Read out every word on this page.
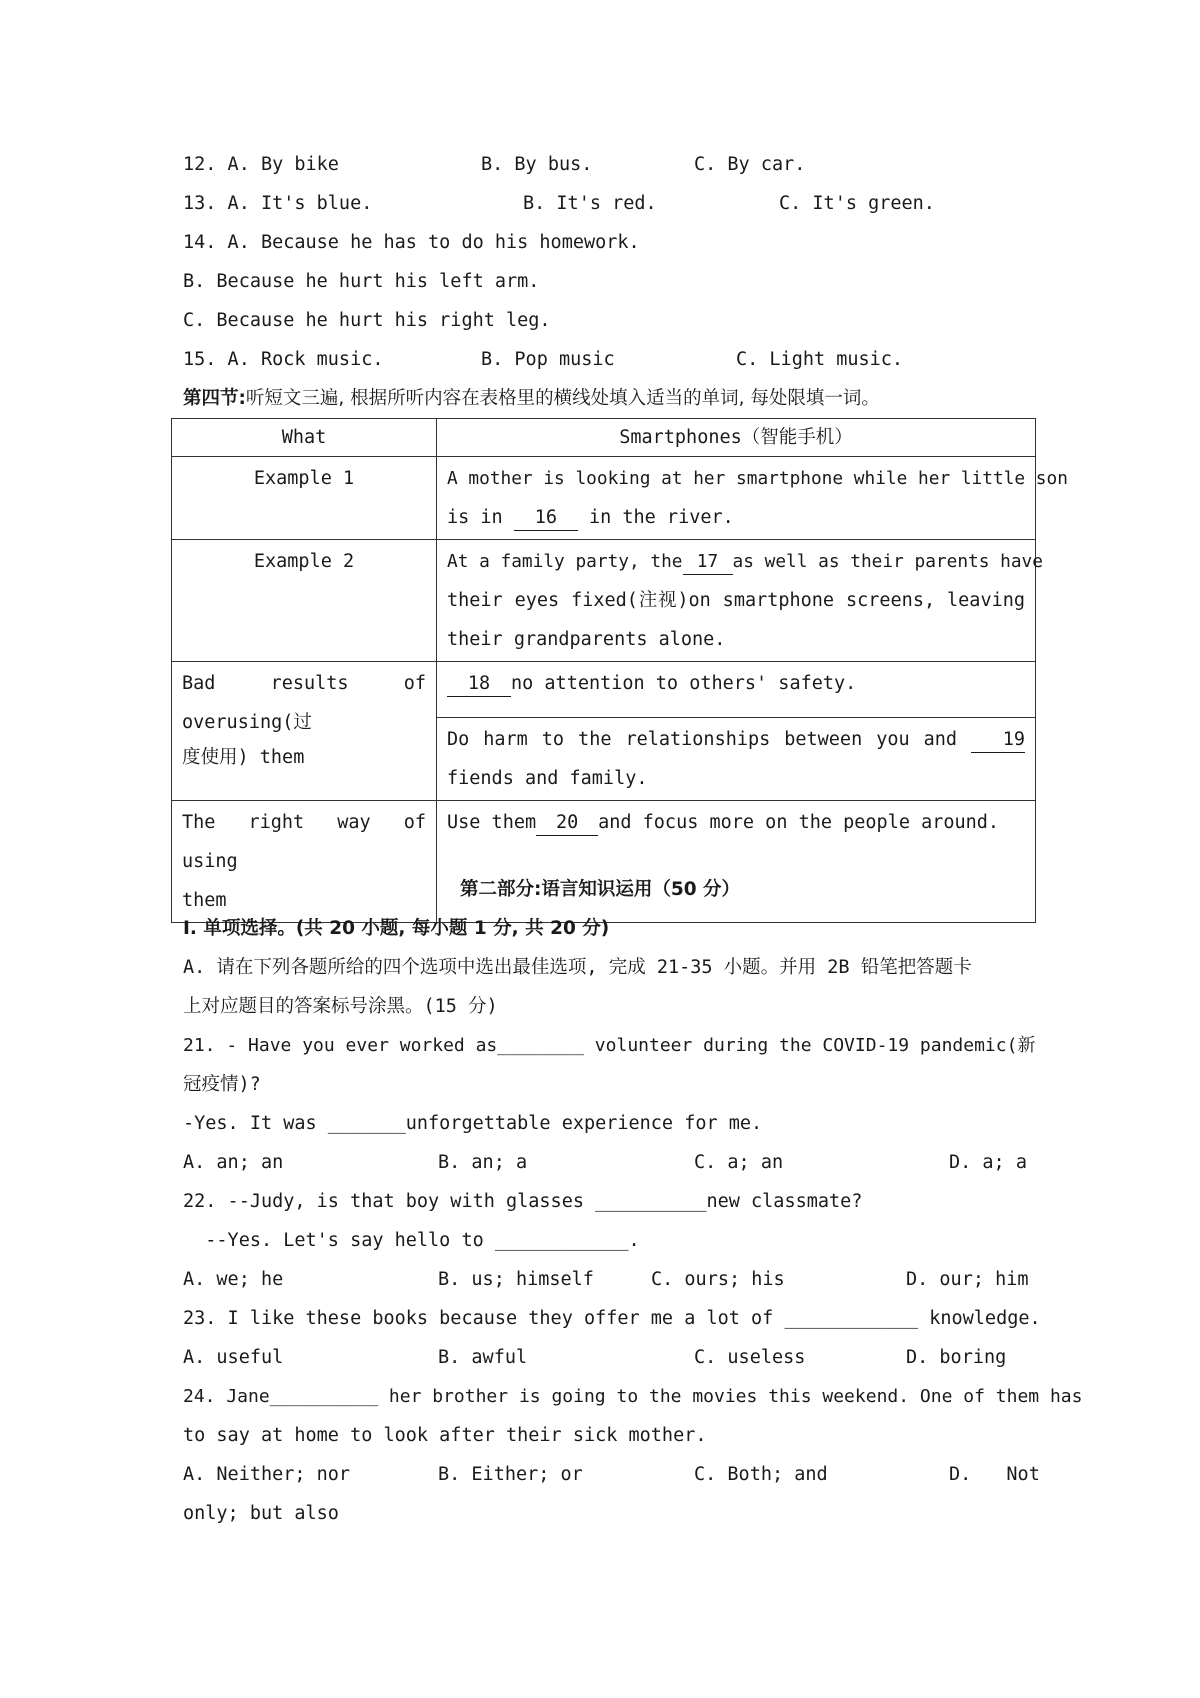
12. A. By bike

	B. By bus.

	C. By car.

13. A. It's blue.

	B. It's red.

	C. It's green.

14. A. Because he has to do his homework.
B. Because he hurt his left arm.
C. Because he hurt his right leg.

15. A. Rock music.

	B. Pop music

	C. Light music.

第四节:听短文三遍, 根据所听内容在表格里的横线处填入适当的单词, 每处限填一词。
What	Smartphones（智能手机）
Example 1	A mother is looking at her smartphone while her little son
is in 16 in the river.

Example 2	At a family party, the 17 as well as their parents have
their eyes fixed(注视)on smartphone screens, leaving
their grandparents alone.

Bad results of
overusing(过
度使用) them	18 no attention to others' safety.

	Do harm to the relationships between you and 19
fiends and family.

The right way of using
them	Use them 20 and focus more on the people around.
第二部分:语言知识运用（50 分）
Ⅰ. 单项选择。(共 20 小题, 每小题 1 分, 共 20 分)
A. 请在下列各题所给的四个选项中选出最佳选项, 完成 21-35 小题。并用 2B 铅笔把答题卡
上对应题目的答案标号涂黑。(15 分)
21. - Have you ever worked as________ volunteer during the COVID-19 pandemic(新
冠疫情)?
-Yes. It was _______unforgettable experience for me.

A. an; an

	B. an; a

	C. a; an

	D. a; a

22. --Judy, is that boy with glasses __________new classmate?
--Yes. Let's say hello to ____________.

A. we; he

	B. us; himself

	C. ours; his

	D. our; him

23. I like these books because they offer me a lot of ____________ knowledge.

A. useful

	B. awful

	C. useless

	D. boring

24. Jane__________ her brother is going to the movies this weekend. One of them has
to say at home to look after their sick mother.

A. Neither; nor

	B. Either; or

	C. Both; and

	D. Not

only; but also
